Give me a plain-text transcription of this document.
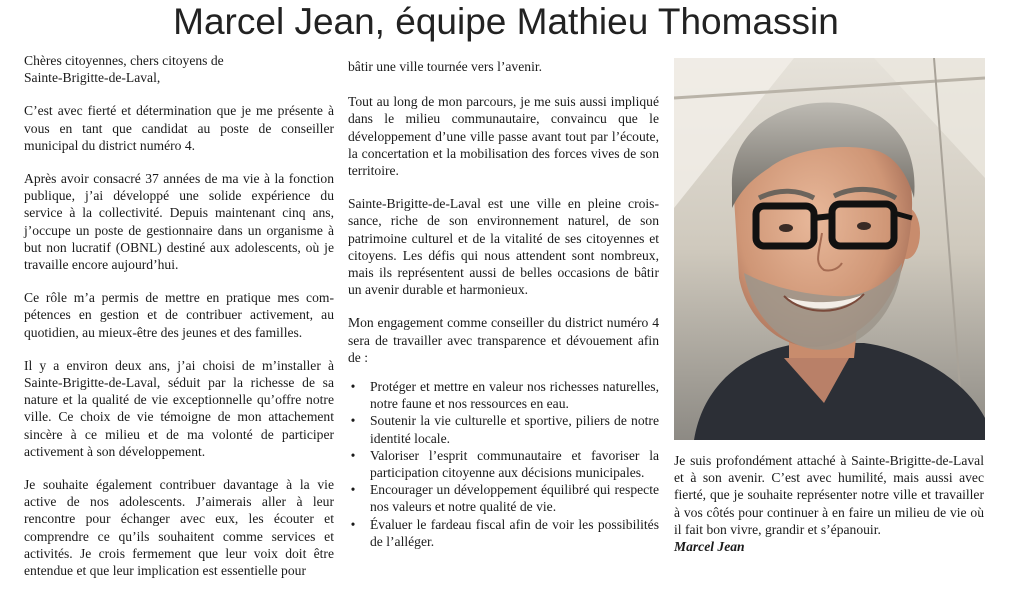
Marcel Jean, équipe Mathieu Thomassin

Chères citoyennes, chers citoyens de
Sainte-Brigitte-de-Laval,

C’est avec fierté et détermination que je me présente à vous en tant que candidat au poste de conseiller municipal du district numéro 4.

Après avoir consacré 37 années de ma vie à la fonction publique, j’ai développé une solide expérience du service à la collectivité. Depuis maintenant cinq ans, j’occupe un poste de gestionnaire dans un organisme à but non lucratif (OBNL) destiné aux adolescents, où je travaille encore aujourd’hui.

Ce rôle m’a permis de mettre en pratique mes compétences en gestion et de contribuer activement, au quotidien, au mieux-être des jeunes et des familles.

Il y a environ deux ans, j’ai choisi de m’installer à Sainte-Brigitte-de-Laval, séduit par la richesse de sa nature et la qualité de vie exceptionnelle qu’offre notre ville. Ce choix de vie témoigne de mon attachement sincère à ce milieu et de ma volonté de participer activement à son développement.

Je souhaite également contribuer davantage à la vie active de nos adolescents. J’aimerais aller à leur rencontre pour échanger avec eux, les écouter et comprendre ce qu’ils souhaitent comme services et activités. Je crois fermement que leur voix doit être entendue et que leur implication est essentielle pour

bâtir une ville tournée vers l’avenir.

Tout au long de mon parcours, je me suis aussi impliqué dans le milieu communautaire, convaincu que le développement d’une ville passe avant tout par l’écoute, la concertation et la mobilisation des forces vives de son territoire.

Sainte-Brigitte-de-Laval est une ville en pleine croissance, riche de son environnement naturel, de son patrimoine culturel et de la vitalité de ses citoyennes et citoyens. Les défis qui nous attendent sont nombreux, mais ils représentent aussi de belles occasions de bâtir un avenir durable et harmonieux.

Mon engagement comme conseiller du district numéro 4 sera de travailler avec transparence et dévouement afin de :

• Protéger et mettre en valeur nos richesses naturelles, notre faune et nos ressources en eau.
• Soutenir la vie culturelle et sportive, piliers de notre identité locale.
• Valoriser l’esprit communautaire et favoriser la participation citoyenne aux décisions municipales.
• Encourager un développement équilibré qui respecte nos valeurs et notre qualité de vie.
• Évaluer le fardeau fiscal afin de voir les possibilités de l’alléger.

Je suis profondément attaché à Sainte-Brigitte-de-Laval et à son avenir. C’est avec humilité, mais aussi avec fierté, que je souhaite représenter notre ville et travailler à vos côtés pour continuer à en faire un milieu de vie où il fait bon vivre, grandir et s’épanouir.

Marcel Jean
